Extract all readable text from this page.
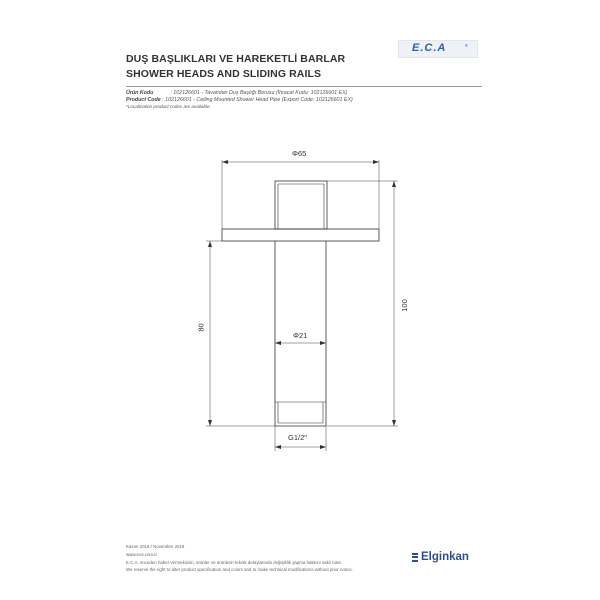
DUŞ BAŞLIKLARI VE HAREKETLİ BARLAR
SHOWER HEADS AND SLIDING RAILS
E.C.A	®
Ürün Kodu	: 102126601 - Tavandan Duş Başlığı Borusu (İhracat Kodu: 102126601 EX)
Product Code : 102126601 - Ceiling Mounted Shower Head Pipe (Export Code: 102126601 EX)
*Localization product codes are available.
Φ65
Φ21
G1/2"
80
100
Kasım 2018 / November 2018
www.eca.com.tr
E.C.A. önceden haber vermeksizin, ürünler ve ürünlerin teknik detaylarında değişiklik yapma hakkını saklı tutar.
We reserve the right to alter product specification and colors and to make technical modifications without prior notice.
Elginkan
